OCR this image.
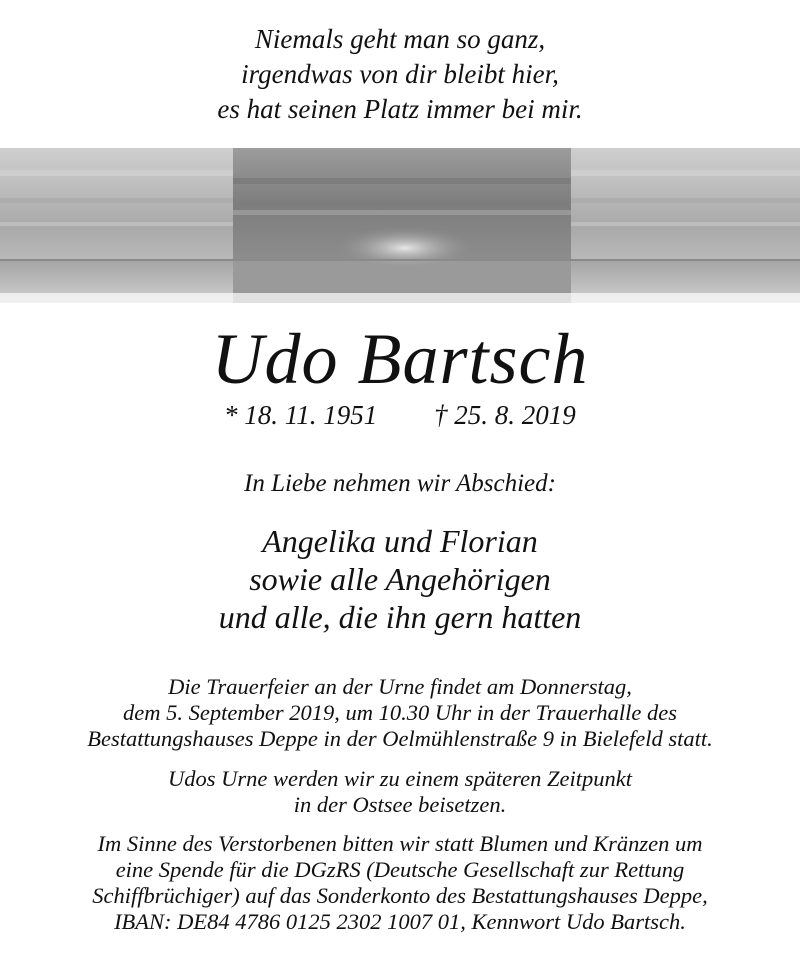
Niemals geht man so ganz,
irgendwas von dir bleibt hier,
es hat seinen Platz immer bei mir.
Udo Bartsch
* 18. 11. 1951 † 25. 8. 2019
In Liebe nehmen wir Abschied:
Angelika und Florian
sowie alle Angehörigen
und alle, die ihn gern hatten
Die Trauerfeier an der Urne findet am Donnerstag,
dem 5. September 2019, um 10.30 Uhr in der Trauerhalle des
Bestattungshauses Deppe in der Oelmühlenstraße 9 in Bielefeld statt.
Udos Urne werden wir zu einem späteren Zeitpunkt
in der Ostsee beisetzen.
Im Sinne des Verstorbenen bitten wir statt Blumen und Kränzen um
eine Spende für die DGzRS (Deutsche Gesellschaft zur Rettung
Schiffbrüchiger) auf das Sonderkonto des Bestattungshauses Deppe,
IBAN: DE84 4786 0125 2302 1007 01, Kennwort Udo Bartsch.
